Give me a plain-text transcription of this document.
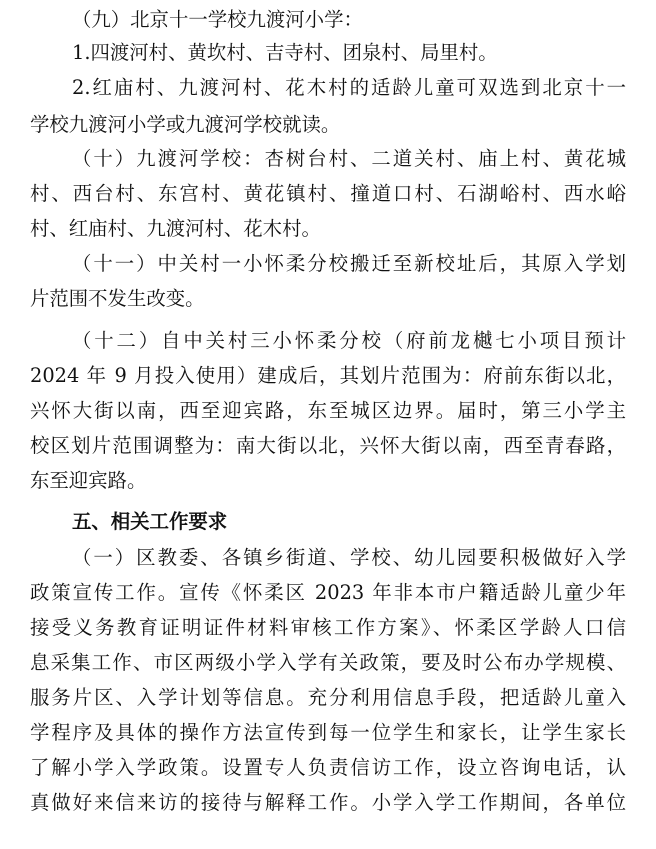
（九）北京十一学校九渡河小学：
1.四渡河村、黄坎村、吉寺村、团泉村、局里村。
2.红庙村、九渡河村、花木村的适龄儿童可双选到北京十一
学校九渡河小学或九渡河学校就读。
（十）九渡河学校：杏树台村、二道关村、庙上村、黄花城
村、西台村、东宫村、黄花镇村、撞道口村、石湖峪村、西水峪
村、红庙村、九渡河村、花木村。
（十一）中关村一小怀柔分校搬迁至新校址后，其原入学划
片范围不发生改变。
（十二）自中关村三小怀柔分校（府前龙樾七小项目预计
2024 年 9 月投入使用）建成后，其划片范围为：府前东街以北，
兴怀大街以南，西至迎宾路，东至城区边界。届时，第三小学主
校区划片范围调整为：南大街以北，兴怀大街以南，西至青春路，
东至迎宾路。
五、相关工作要求
（一）区教委、各镇乡街道、学校、幼儿园要积极做好入学
政策宣传工作。宣传《怀柔区 2023 年非本市户籍适龄儿童少年
接受义务教育证明证件材料审核工作方案》、怀柔区学龄人口信
息采集工作、市区两级小学入学有关政策，要及时公布办学规模、
服务片区、入学计划等信息。充分利用信息手段，把适龄儿童入
学程序及具体的操作方法宣传到每一位学生和家长，让学生家长
了解小学入学政策。设置专人负责信访工作，设立咨询电话，认
真做好来信来访的接待与解释工作。小学入学工作期间，各单位
